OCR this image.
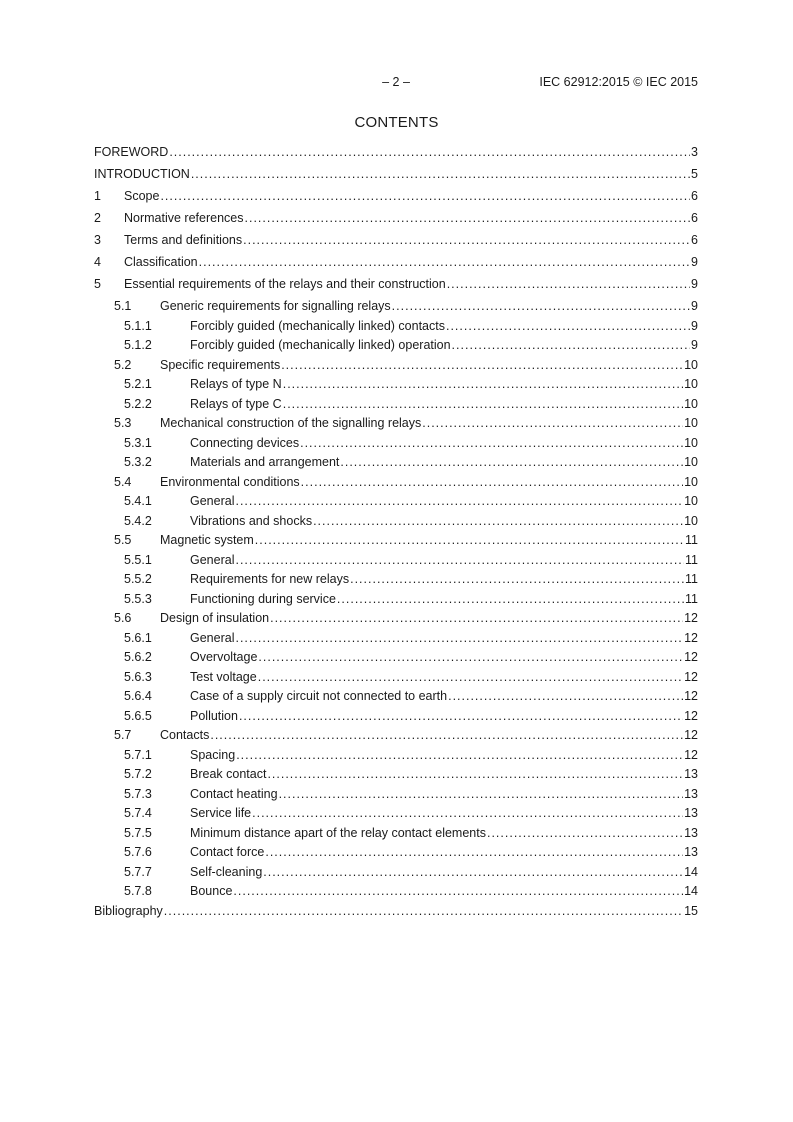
– 2 –	IEC 62912:2015 © IEC 2015
CONTENTS
FOREWORD .....	3
INTRODUCTION .....	5
1 Scope .....	6
2 Normative references .....	6
3 Terms and definitions .....	6
4 Classification .....	9
5 Essential requirements of the relays and their construction .....	9
5.1 Generic requirements for signalling relays .....	9
5.1.1	Forcibly guided (mechanically linked) contacts .....	9
5.1.2	Forcibly guided (mechanically linked) operation .....	9
5.2 Specific requirements .....	10
5.2.1	Relays of type N .....	10
5.2.2	Relays of type C .....	10
5.3 Mechanical construction of the signalling relays .....	10
5.3.1	Connecting devices .....	10
5.3.2	Materials and arrangement .....	10
5.4 Environmental conditions .....	10
5.4.1	General .....	10
5.4.2	Vibrations and shocks .....	10
5.5 Magnetic system .....	11
5.5.1	General .....	11
5.5.2	Requirements for new relays .....	11
5.5.3	Functioning during service .....	11
5.6 Design of insulation .....	12
5.6.1	General .....	12
5.6.2	Overvoltage .....	12
5.6.3	Test voltage .....	12
5.6.4	Case of a supply circuit not connected to earth .....	12
5.6.5	Pollution .....	12
5.7 Contacts .....	12
5.7.1	Spacing .....	12
5.7.2	Break contact .....	13
5.7.3	Contact heating .....	13
5.7.4	Service life .....	13
5.7.5	Minimum distance apart of the relay contact elements .....	13
5.7.6	Contact force .....	13
5.7.7	Self-cleaning .....	14
5.7.8	Bounce .....	14
Bibliography .....	15
